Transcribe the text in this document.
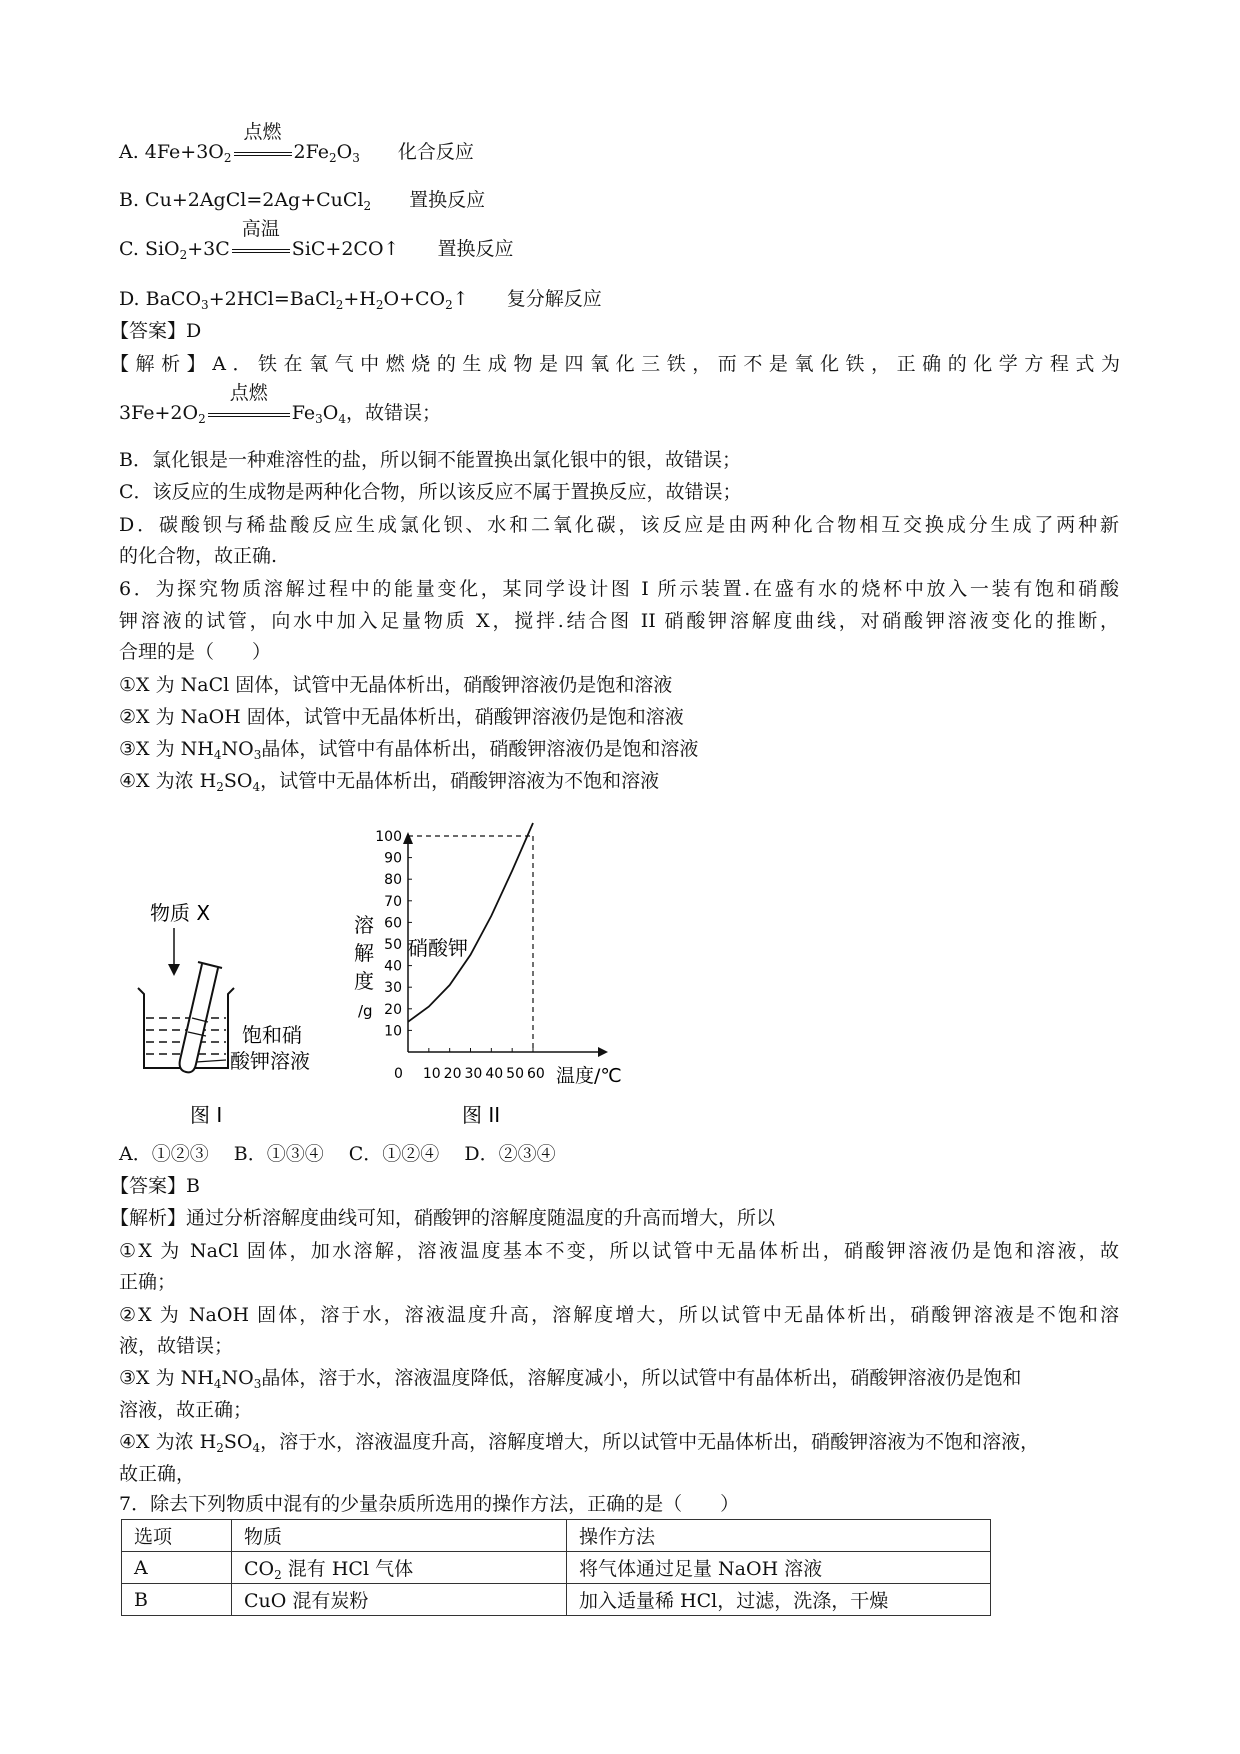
A. $4Fe+3O_2$
点燃
$2Fe_2O_3$   化合反应
B. Cu+2AgCl=2Ag+CuCl$_2$   置换反应
C. SiO$_2$+3C
高温
SiC+2CO↑   置换反应
D. $BaCO_3+2HCl=BaCl_2+H_2O+CO_2↑$   复分解反应
【答案】D
【解析】A．铁在氧气中燃烧的生成物是四氧化三铁，而不是氧化铁，正确的化学方程式为
$3Fe+2O_2$
点燃
$Fe_3O_4$，故错误；
B．氯化银是一种难溶性的盐，所以铜不能置换出氯化银中的银，故错误；
C．该反应的生成物是两种化合物，所以该反应不属于置换反应，故错误；
D．碳酸钡与稀盐酸反应生成氯化钡、水和二氧化碳，该反应是由两种化合物相互交换成分生成了两种新
的化合物，故正确.
6．为探究物质溶解过程中的能量变化，某同学设计图 I 所示装置.在盛有水的烧杯中放入一装有饱和硝酸
钾溶液的试管，向水中加入足量物质 X，搅拌.结合图 II 硝酸钾溶解度曲线，对硝酸钾溶液变化的推断，
合理的是（　　）
①X 为 NaCl 固体，试管中无晶体析出，硝酸钾溶液仍是饱和溶液
②X 为 NaOH 固体，试管中无晶体析出，硝酸钾溶液仍是饱和溶液
③X 为 $NH_4NO_3$晶体，试管中有晶体析出，硝酸钾溶液仍是饱和溶液
④X 为浓 $H_2SO_4$，试管中无晶体析出，硝酸钾溶液为不饱和溶液
物质 X
饱和硝
酸钾溶液
图 I
溶
解
度
/g
0 10 20 30 40 50 60
10
20
30
40
50
60
70
80
90
100
硝酸钾
温度/℃
图 II
A．①②③　 B．①③④　 C．①②④　 D．②③④
【答案】B
【解析】通过分析溶解度曲线可知，硝酸钾的溶解度随温度的升高而增大，所以
①X 为 NaCl 固体，加水溶解，溶液温度基本不变，所以试管中无晶体析出，硝酸钾溶液仍是饱和溶液，故
正确；
②X 为 NaOH 固体，溶于水，溶液温度升高，溶解度增大，所以试管中无晶体析出，硝酸钾溶液是不饱和溶
液，故错误；
③X 为 $NH_4NO_3$晶体，溶于水，溶液温度降低，溶解度减小，所以试管中有晶体析出，硝酸钾溶液仍是饱和
溶液，故正确；
④X 为浓 $H_2SO_4$，溶于水，溶液温度升高，溶解度增大，所以试管中无晶体析出，硝酸钾溶液为不饱和溶液，
故正确，
7．除去下列物质中混有的少量杂质所选用的操作方法，正确的是（　　）
选项	物质	操作方法
A	$CO_2$ 混有 HCl 气体	将气体通过足量 NaOH 溶液
B	CuO 混有炭粉	加入适量稀 HCl，过滤，洗涤，干燥
